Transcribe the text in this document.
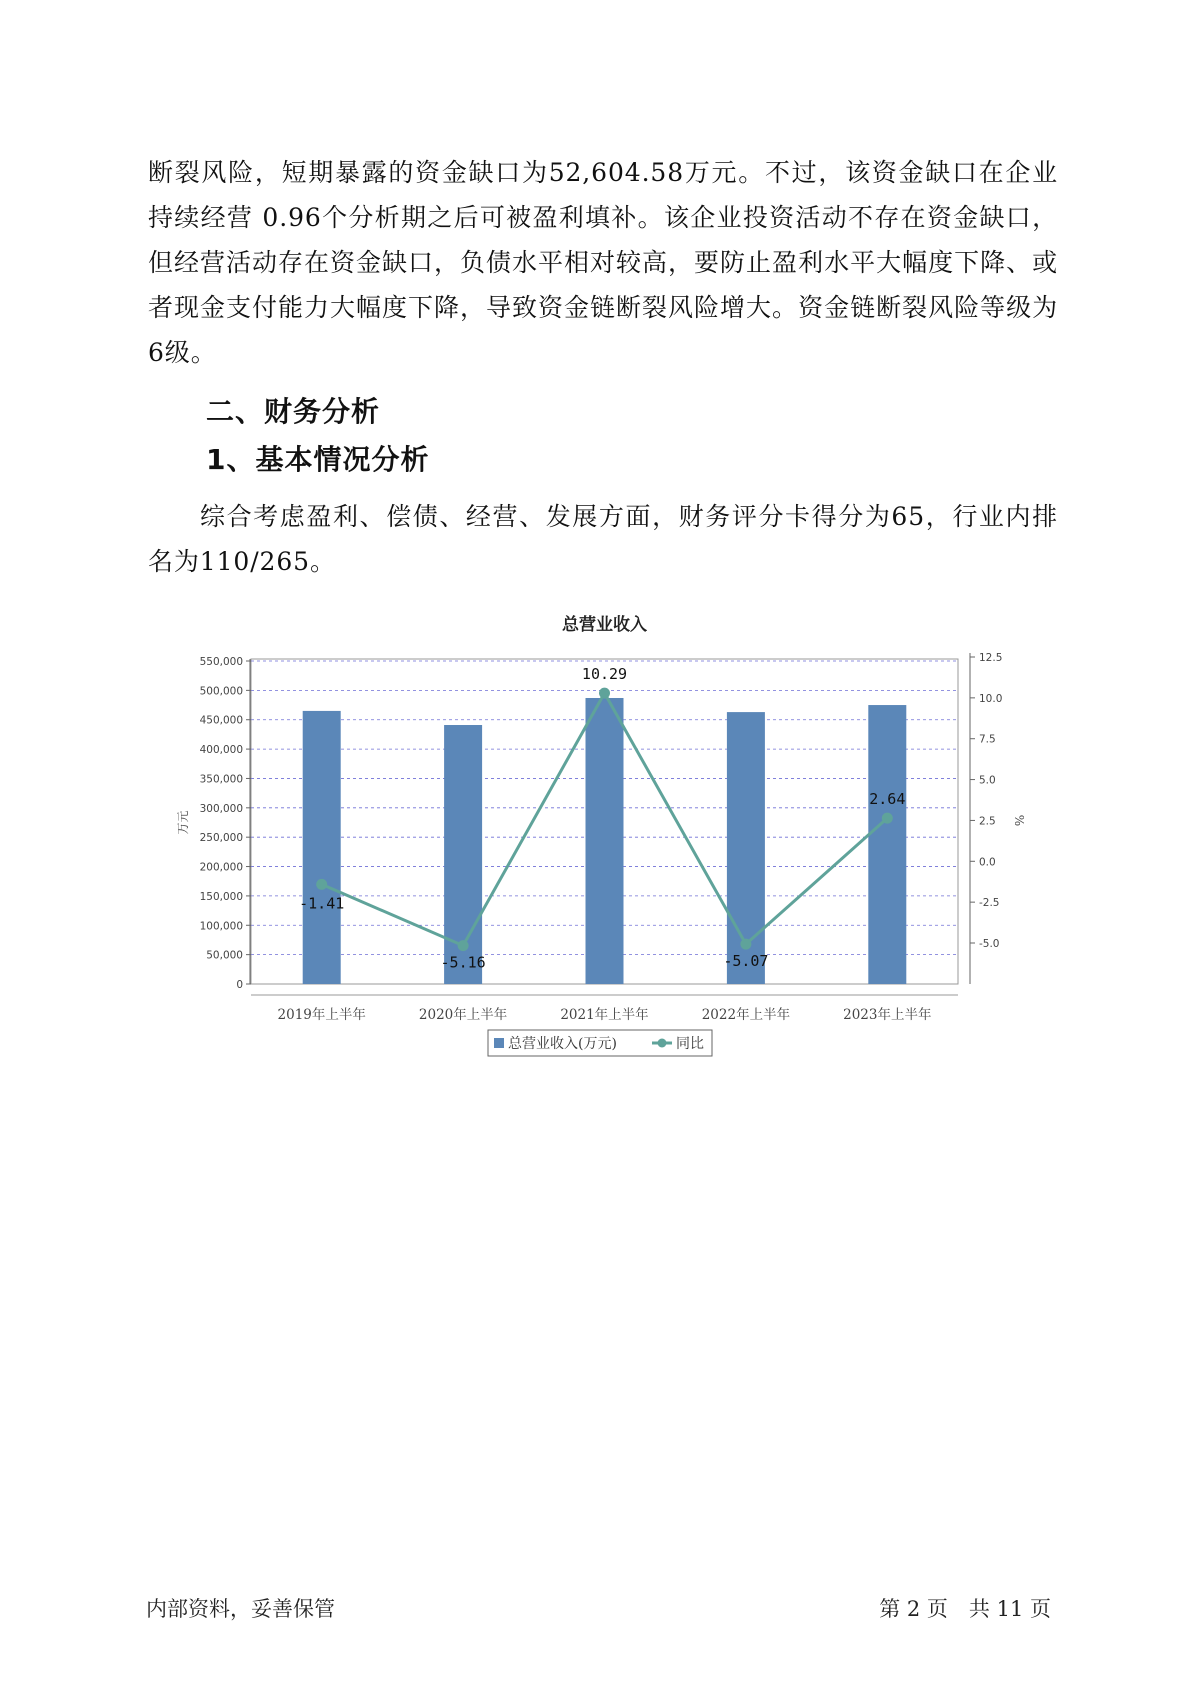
断裂风险，短期暴露的资金缺口为52,604.58万元。不过，该资金缺口在企业持续经营 0.96个分析期之后可被盈利填补。该企业投资活动不存在资金缺口，但经营活动存在资金缺口，负债水平相对较高，要防止盈利水平大幅度下降、或者现金支付能力大幅度下降，导致资金链断裂风险增大。资金链断裂风险等级为6级。

二、财务分析
1、基本情况分析

综合考虑盈利、偿债、经营、发展方面，财务评分卡得分为65，行业内排名为110/265。

总营业收入
0
50,000
100,000
150,000
200,000
250,000
300,000
350,000
400,000
450,000
500,000
550,000
万元
-5.0
-2.5
0.0
2.5
5.0
7.5
10.0
12.5
%
2019年上半年	2020年上半年	2021年上半年	2022年上半年	2023年上半年
-1.41
-5.16
10.29
-5.07
2.64
总营业收入(万元)	同比
内部资料，妥善保管	第 2 页　共 11 页
